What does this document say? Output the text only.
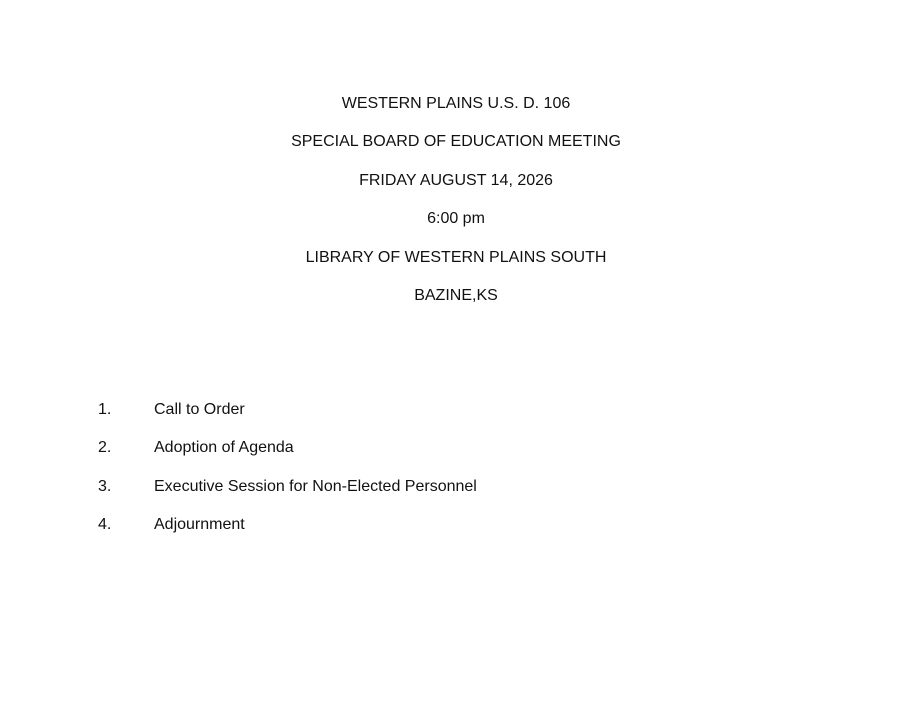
WESTERN PLAINS U.S. D. 106
SPECIAL BOARD OF EDUCATION MEETING
FRIDAY AUGUST 14, 2026
6:00 pm
LIBRARY OF WESTERN PLAINS SOUTH
BAZINE,KS
1.	Call to Order
2.	Adoption of Agenda
3.	Executive Session for Non-Elected Personnel
4.	Adjournment
